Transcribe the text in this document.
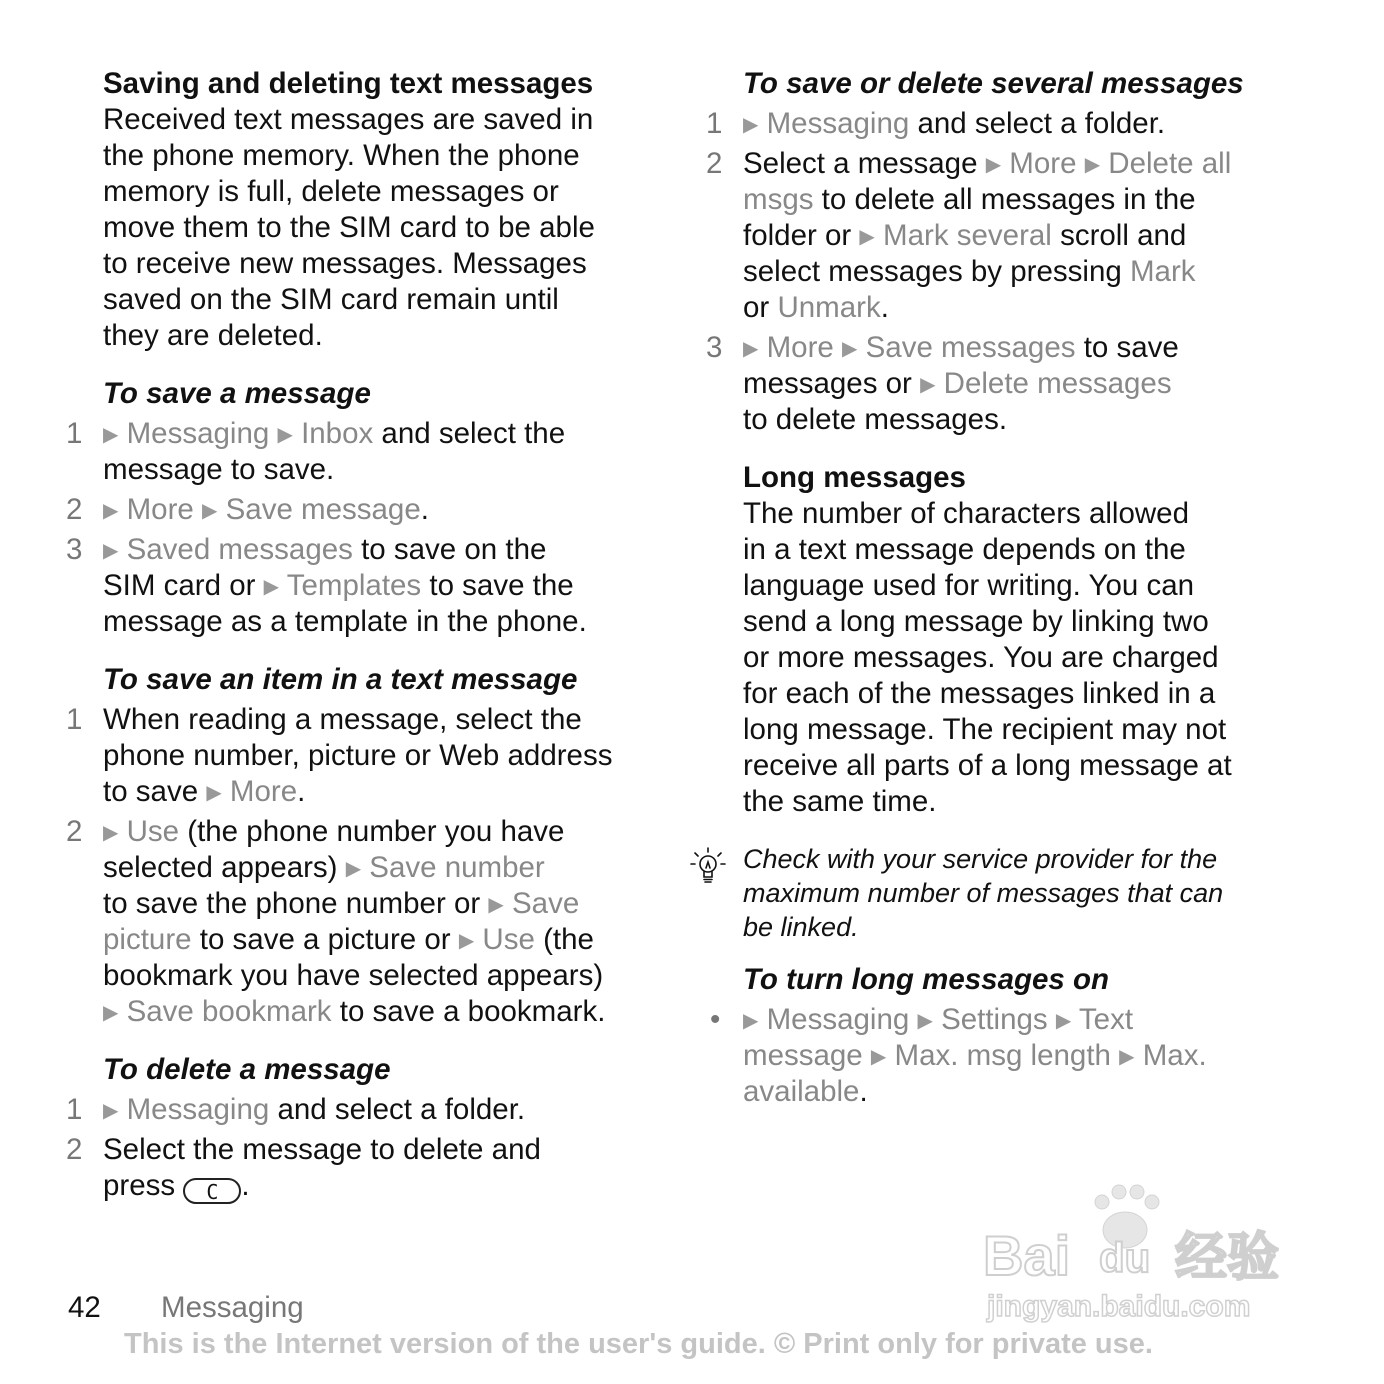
Saving and deleting text messages
Received text messages are saved in
the phone memory. When the phone
memory is full, delete messages or
move them to the SIM card to be able
to receive new messages. Messages
saved on the SIM card remain until
they are deleted.
To save a message
1	▶ Messaging ▶ Inbox and select the
message to save.
2	▶ More ▶ Save message.
3	▶ Saved messages to save on the
SIM card or ▶ Templates to save the
message as a template in the phone.
To save an item in a text message
1 When reading a message, select the
phone number, picture or Web address
to save ▶ More.
2	▶ Use (the phone number you have
selected appears) ▶ Save number
to save the phone number or ▶ Save
picture to save a picture or ▶ Use (the
bookmark you have selected appears)
▶ Save bookmark to save a bookmark.
To delete a message
1	▶ Messaging and select a folder.
2 Select the message to delete and
press C .
To save or delete several messages
1	▶ Messaging and select a folder.
2 Select a message ▶ More ▶ Delete all
msgs to delete all messages in the
folder or ▶ Mark several scroll and
select messages by pressing Mark
or Unmark.
3	▶ More ▶ Save messages to save
messages or ▶ Delete messages
to delete messages.
Long messages
The number of characters allowed
in a text message depends on the
language used for writing. You can
send a long message by linking two
or more messages. You are charged
for each of the messages linked in a
long message. The recipient may not
receive all parts of a long message at
the same time.
Check with your service provider for the
maximum number of messages that can
be linked.
To turn long messages on
•	▶ Messaging ▶ Settings ▶ Text
message ▶ Max. msg length ▶ Max.
available.
42 Messaging
This is the Internet version of the user's guide. © Print only for private use.
Bai du 经验
jingyan.baidu.com
